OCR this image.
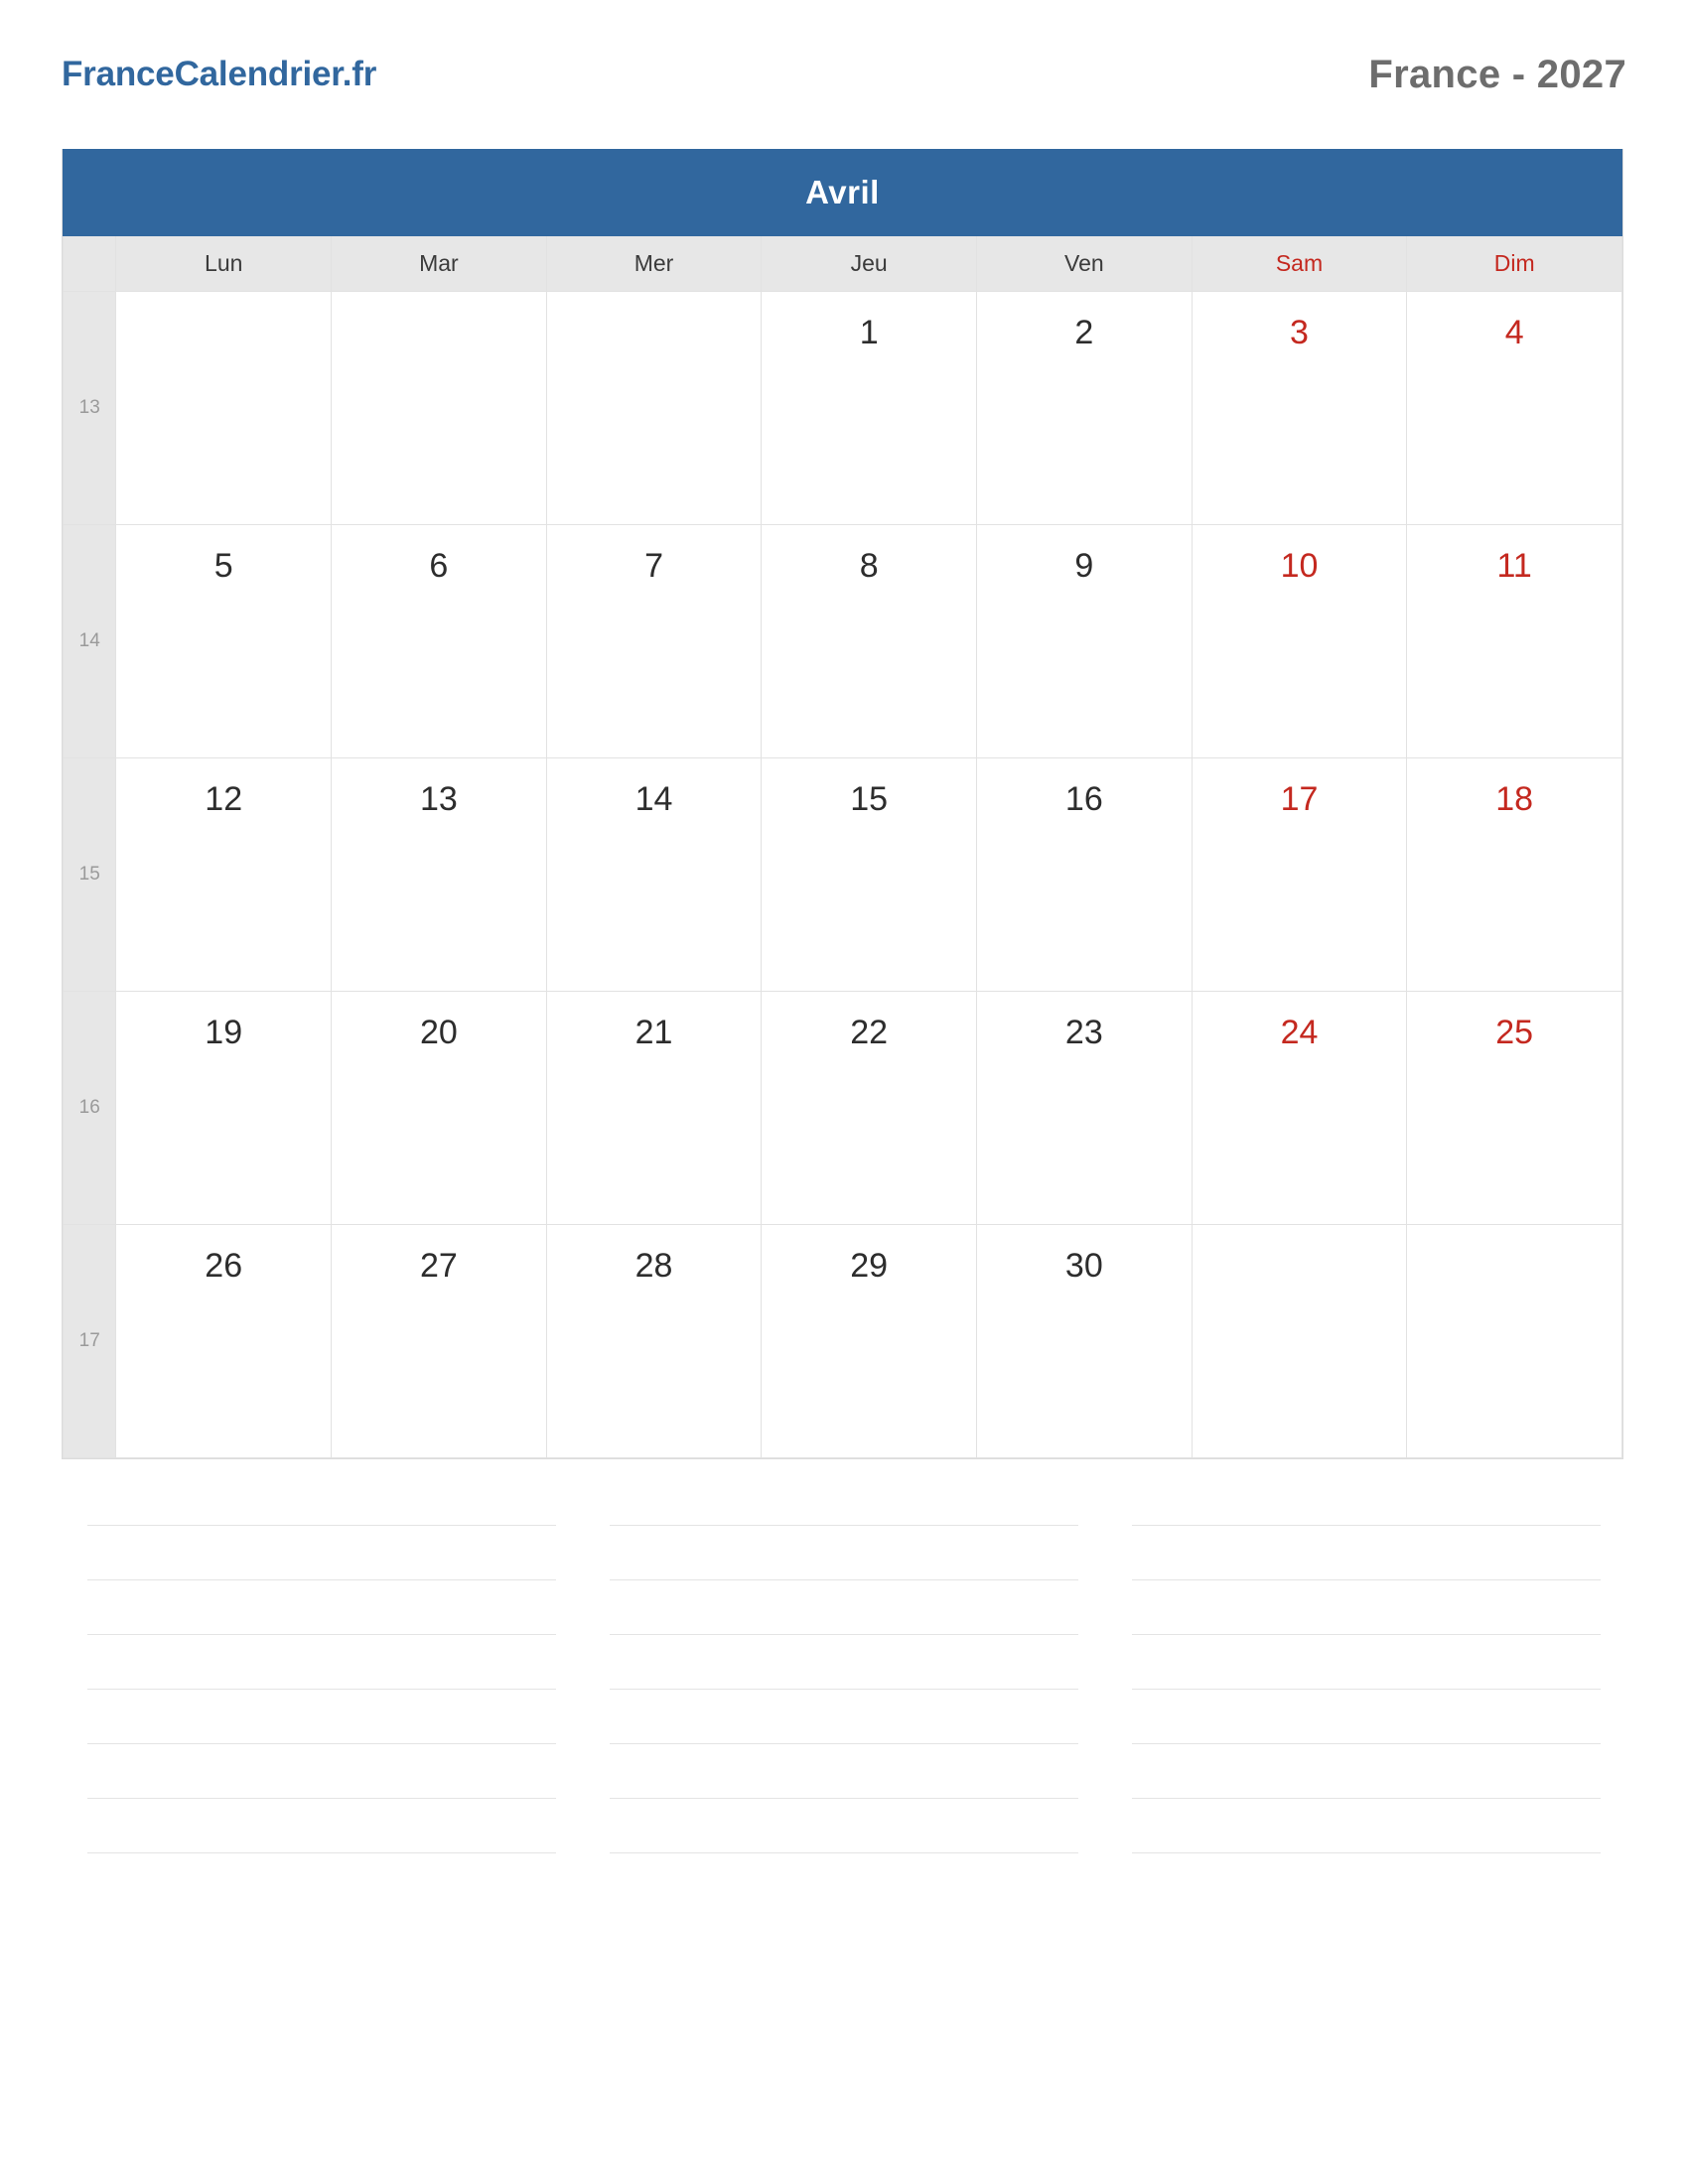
FranceCalendrier.fr	France - 2027
Avril
	Lun	Mar	Mer	Jeu	Ven	Sam	Dim
13				1	2	3	4

14	5	6	7	8	9	10	11

15	12	13	14	15	16	17	18

16	19	20	21	22	23	24	25

17	26	27	28	29	30		
